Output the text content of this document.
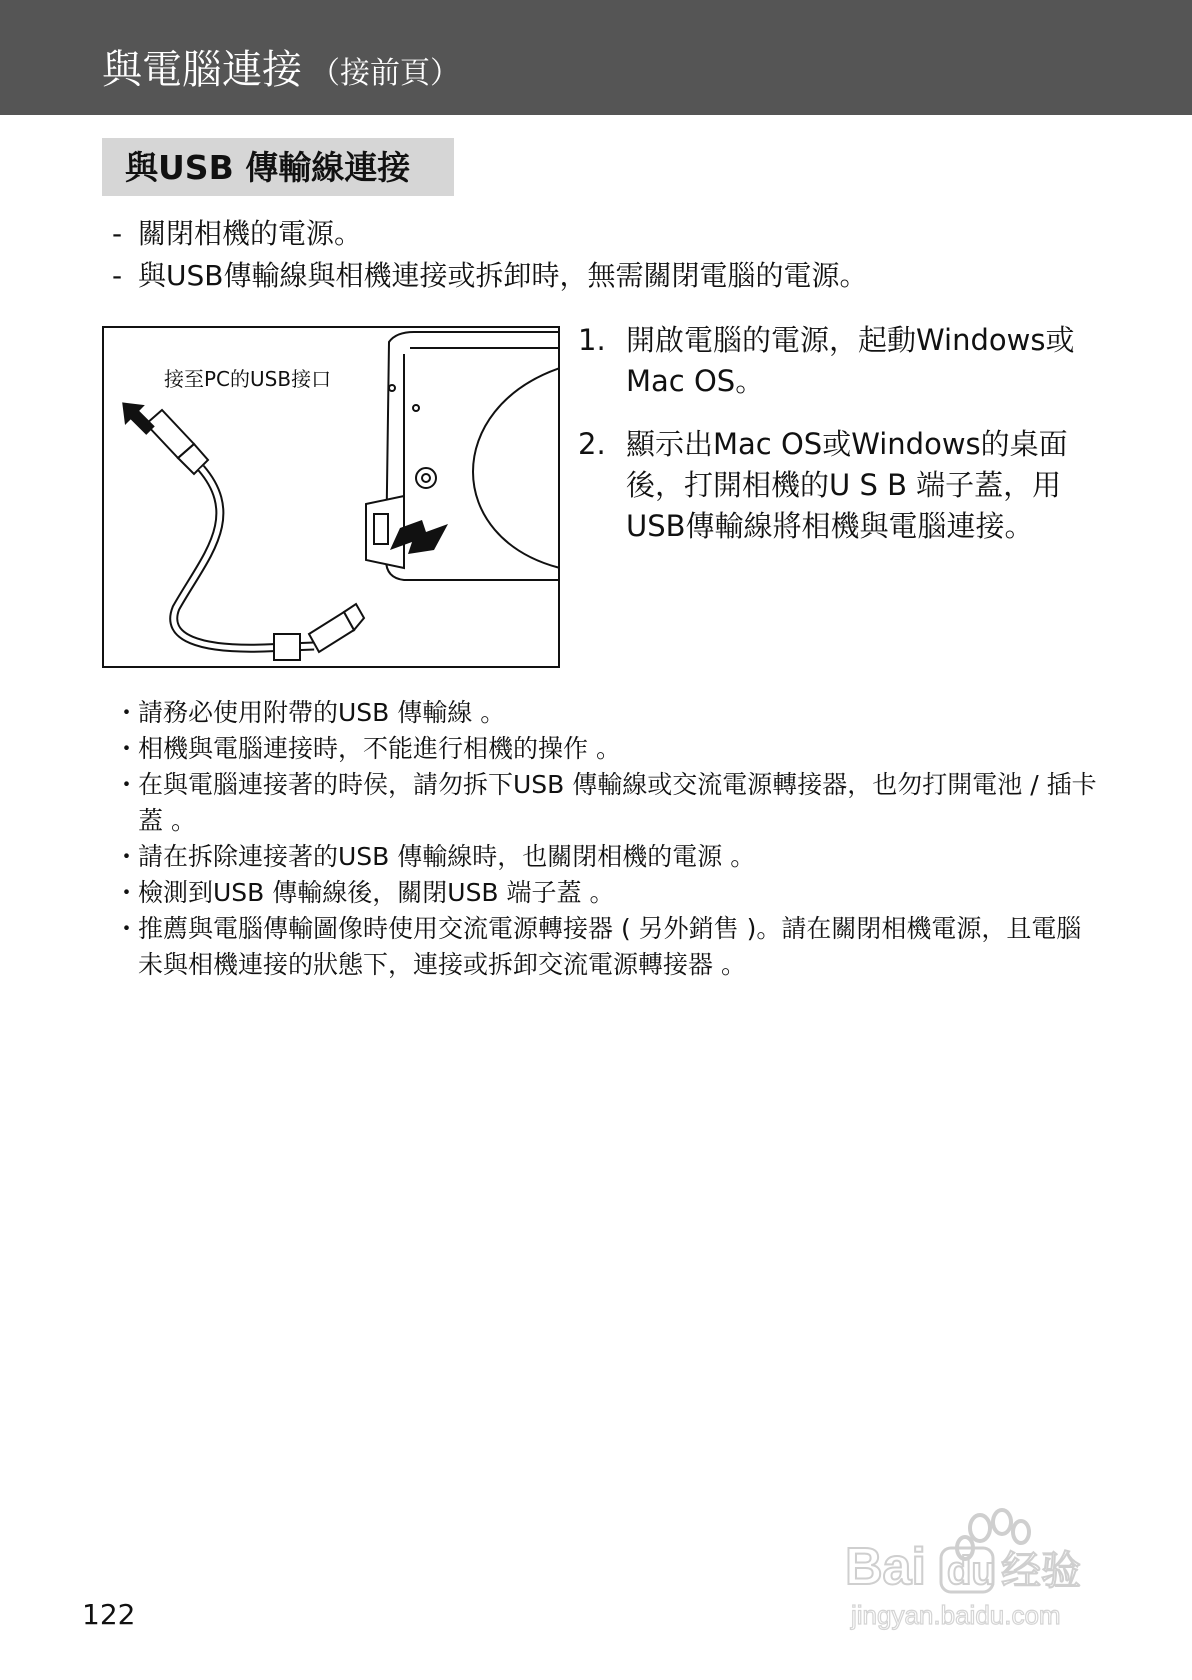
與電腦連接 （接前頁）
與USB 傳輸線連接
- 關閉相機的電源。
- 與USB傳輸線與相機連接或拆卸時，無需關閉電腦的電源。
接至PC的USB接口
1. 開啟電腦的電源，起動Windows或Mac OS。
2. 顯示出Mac OS或Windows的桌面後，打開相機的U S B 端子蓋，用USB傳輸線將相機與電腦連接。

・
請務必使用附帶的USB 傳輸線 。

・
相機與電腦連接時，不能進行相機的操作 。

・
在與電腦連接著的時侯，請勿拆下USB 傳輸線或交流電源轉接器，也勿打開電池 / 插卡蓋 。

・
請在拆除連接著的USB 傳輸線時，也關閉相機的電源 。

・
檢測到USB 傳輸線後，關閉USB 端子蓋 。

・
推薦與電腦傳輸圖像時使用交流電源轉接器 ( 另外銷售 )。請在關閉相機電源，且電腦未與相機連接的狀態下，連接或拆卸交流電源轉接器 。

122
Bai du 经验
jingyan.baidu.com
